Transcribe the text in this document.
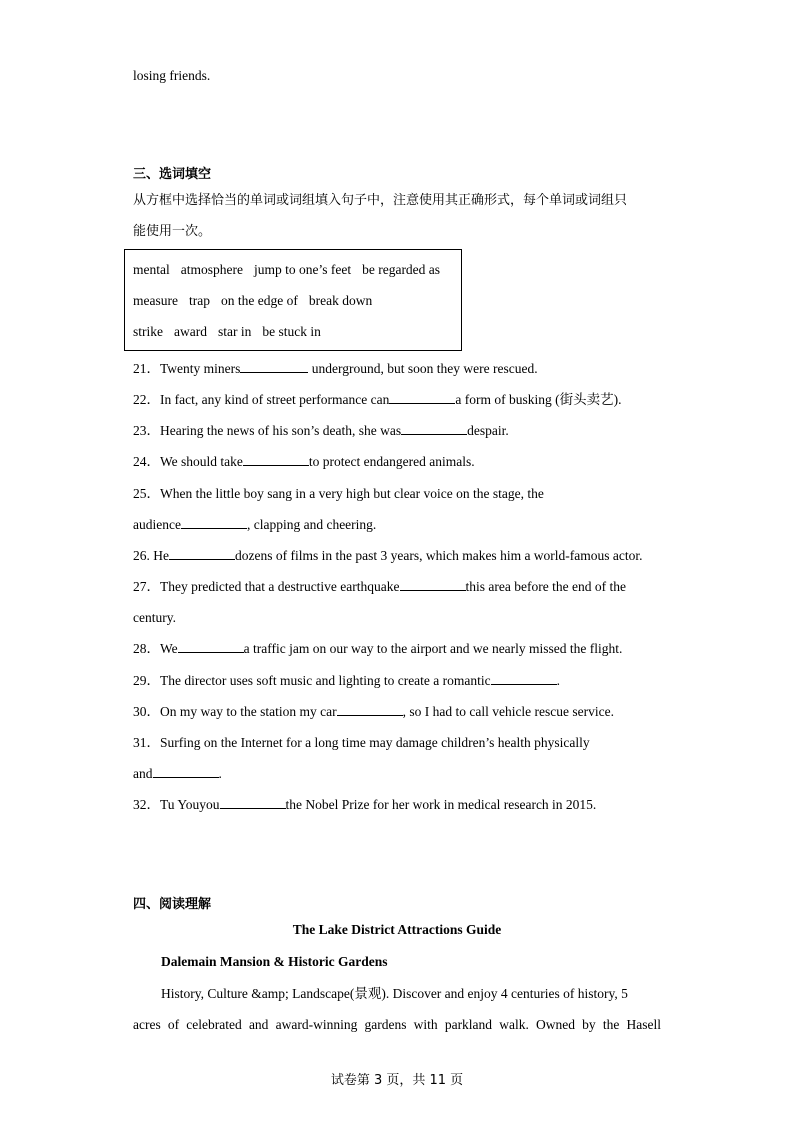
losing friends.
三、选词填空
从方框中选择恰当的单词或词组填入句子中，注意使用其正确形式，每个单词或词组只
能使用一次。
mental atmosphere jump to one’s feet be regarded as
measure trap on the edge of break down
strike award star in be stuck in
21．Twenty miners	underground, but soon they were rescued.
22．In fact, any kind of street performance can	a form of busking (街头卖艺).
23．Hearing the news of his son’s death, she was	despair.
24．We should take	to protect endangered animals.
25．When the little boy sang in a very high but clear voice on the stage, the
audience	, clapping and cheering.
26. He	dozens of films in the past 3 years, which makes him a world-famous actor.
27．They predicted that a destructive earthquake	this area before the end of the
century.
28．We	a traffic jam on our way to the airport and we nearly missed the flight.
29．The director uses soft music and lighting to create a romantic	.
30．On my way to the station my car	, so I had to call vehicle rescue service.
31．Surfing on the Internet for a long time may damage children’s health physically
and	.
32．Tu Youyou	the Nobel Prize for her work in medical research in 2015.
四、阅读理解
The Lake District Attractions Guide
Dalemain Mansion & Historic Gardens
History, Culture &amp; Landscape(景观). Discover and enjoy 4 centuries of history, 5
acres of celebrated and award-winning gardens with parkland walk. Owned by the Hasell
试卷第 3 页，共 11 页
